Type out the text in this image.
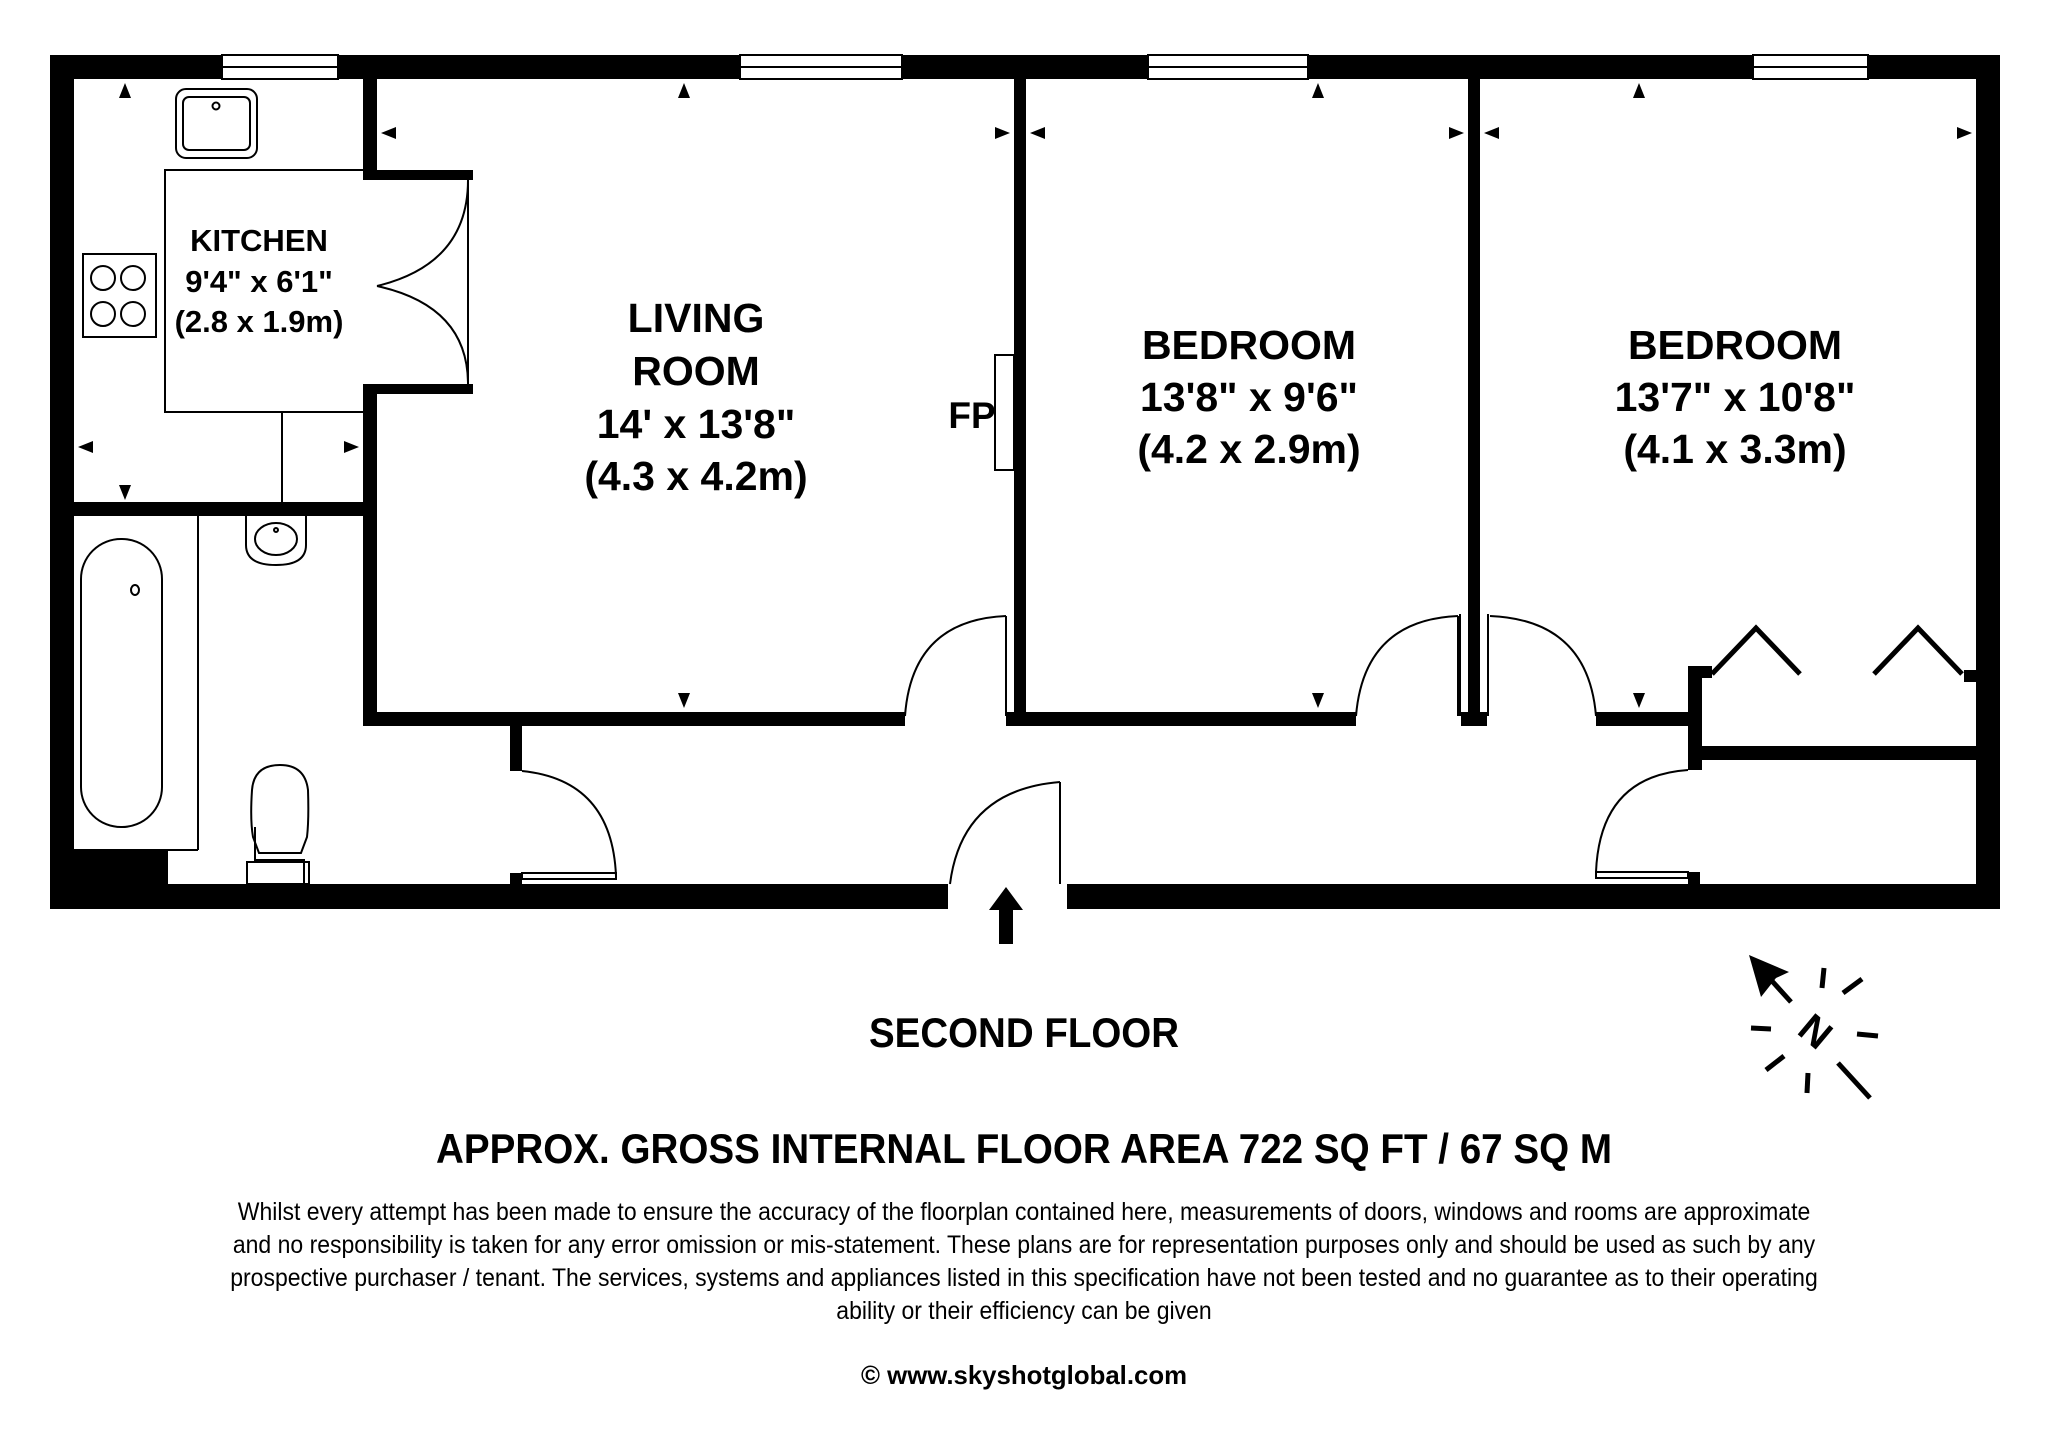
KITCHEN
9'4" x 6'1"
(2.8 x 1.9m)	LIVING
ROOM
14' x 13'8"
(4.3 x 4.2m)
FP
BEDROOM
13'8" x 9'6"
(4.2 x 2.9m)
BEDROOM
13'7" x 10'8"
(4.1 x 3.3m)
N
SECOND FLOOR
APPROX. GROSS INTERNAL FLOOR AREA 722 SQ FT / 67 SQ M
© www.skyshotglobal.com
Whilst every attempt has been made to ensure the accuracy of the floorplan contained here, measurements of doors, windows and rooms are approximate and no responsibility is taken for any error omission or mis-statement. These plans are for representation purposes only and should be used as such by any prospective purchaser / tenant. The services, systems and appliances listed in this specification have not been tested and no guarantee as to their operating ability or their efficiency can be given
